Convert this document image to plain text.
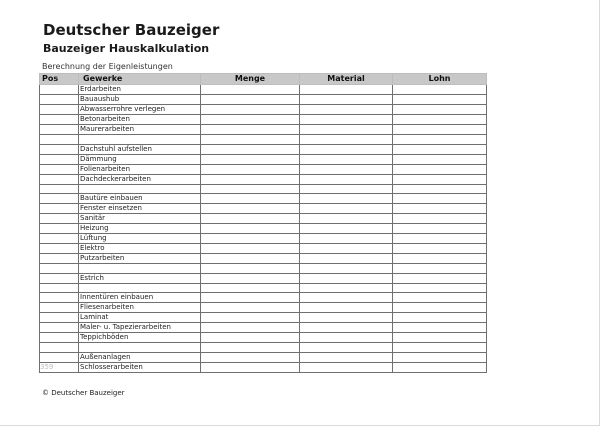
Deutscher Bauzeiger
Bauzeiger Hauskalkulation
Berechnung der Eigenleistungen
Pos	Gewerke	Menge	Material	Lohn
	Erdarbeiten			
	Bauaushub			
	Abwasserrohre verlegen			
	Betonarbeiten			
	Maurerarbeiten			

	Dachstuhl aufstellen			
	Dämmung			
	Folienarbeiten			
	Dachdeckerarbeiten			

	Bautüre einbauen			
	Fenster einsetzen			
	Sanitär			
	Heizung			
	Lüftung			
	Elektro			
	Putzarbeiten			

	Estrich			

	Innentüren einbauen			
	Fliesenarbeiten			
	Laminat			
	Maler- u. Tapezierarbeiten			
	Teppichböden			

	Außenanlagen			
359	Schlosserarbeiten			
© Deutscher Bauzeiger
